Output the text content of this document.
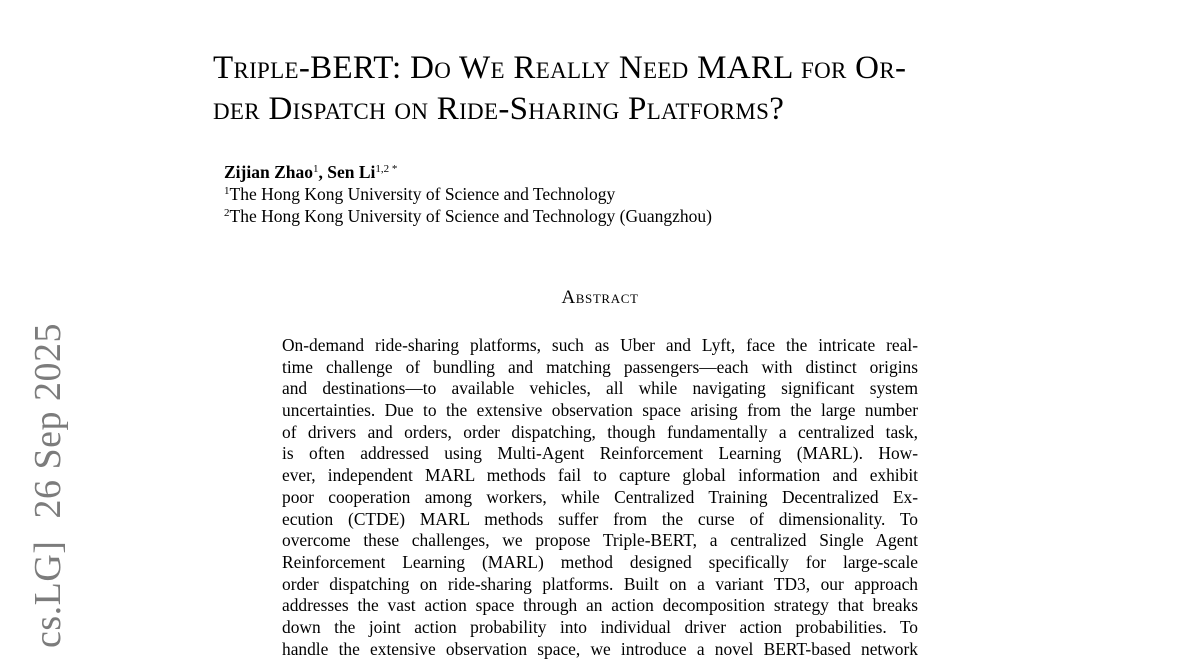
cs.LG]26 Sep 2025
Triple-BERT: Do We Really Need MARL for Or-
der Dispatch on Ride-Sharing Platforms?
Zijian Zhao$^1$, Sen $Li^{1,2 *}$
$^1$The Hong Kong University of Science and Technology
$^2$The Hong Kong University of Science and Technology (Guangzhou)
Abstract
On-demand ride-sharing platforms, such as Uber and Lyft, face the intricate real-
time challenge of bundling and matching passengers—each with distinct origins
and destinations—to available vehicles, all while navigating significant system
uncertainties. Due to the extensive observation space arising from the large number
of drivers and orders, order dispatching, though fundamentally a centralized task,
is often addressed using Multi-Agent Reinforcement Learning (MARL). How-
ever, independent MARL methods fail to capture global information and exhibit
poor cooperation among workers, while Centralized Training Decentralized Ex-
ecution (CTDE) MARL methods suffer from the curse of dimensionality. To
overcome these challenges, we propose Triple-BERT, a centralized Single Agent
Reinforcement Learning (MARL) method designed specifically for large-scale
order dispatching on ride-sharing platforms. Built on a variant TD3, our approach
addresses the vast action space through an action decomposition strategy that breaks
down the joint action probability into individual driver action probabilities. To
handle the extensive observation space, we introduce a novel BERT-based network
